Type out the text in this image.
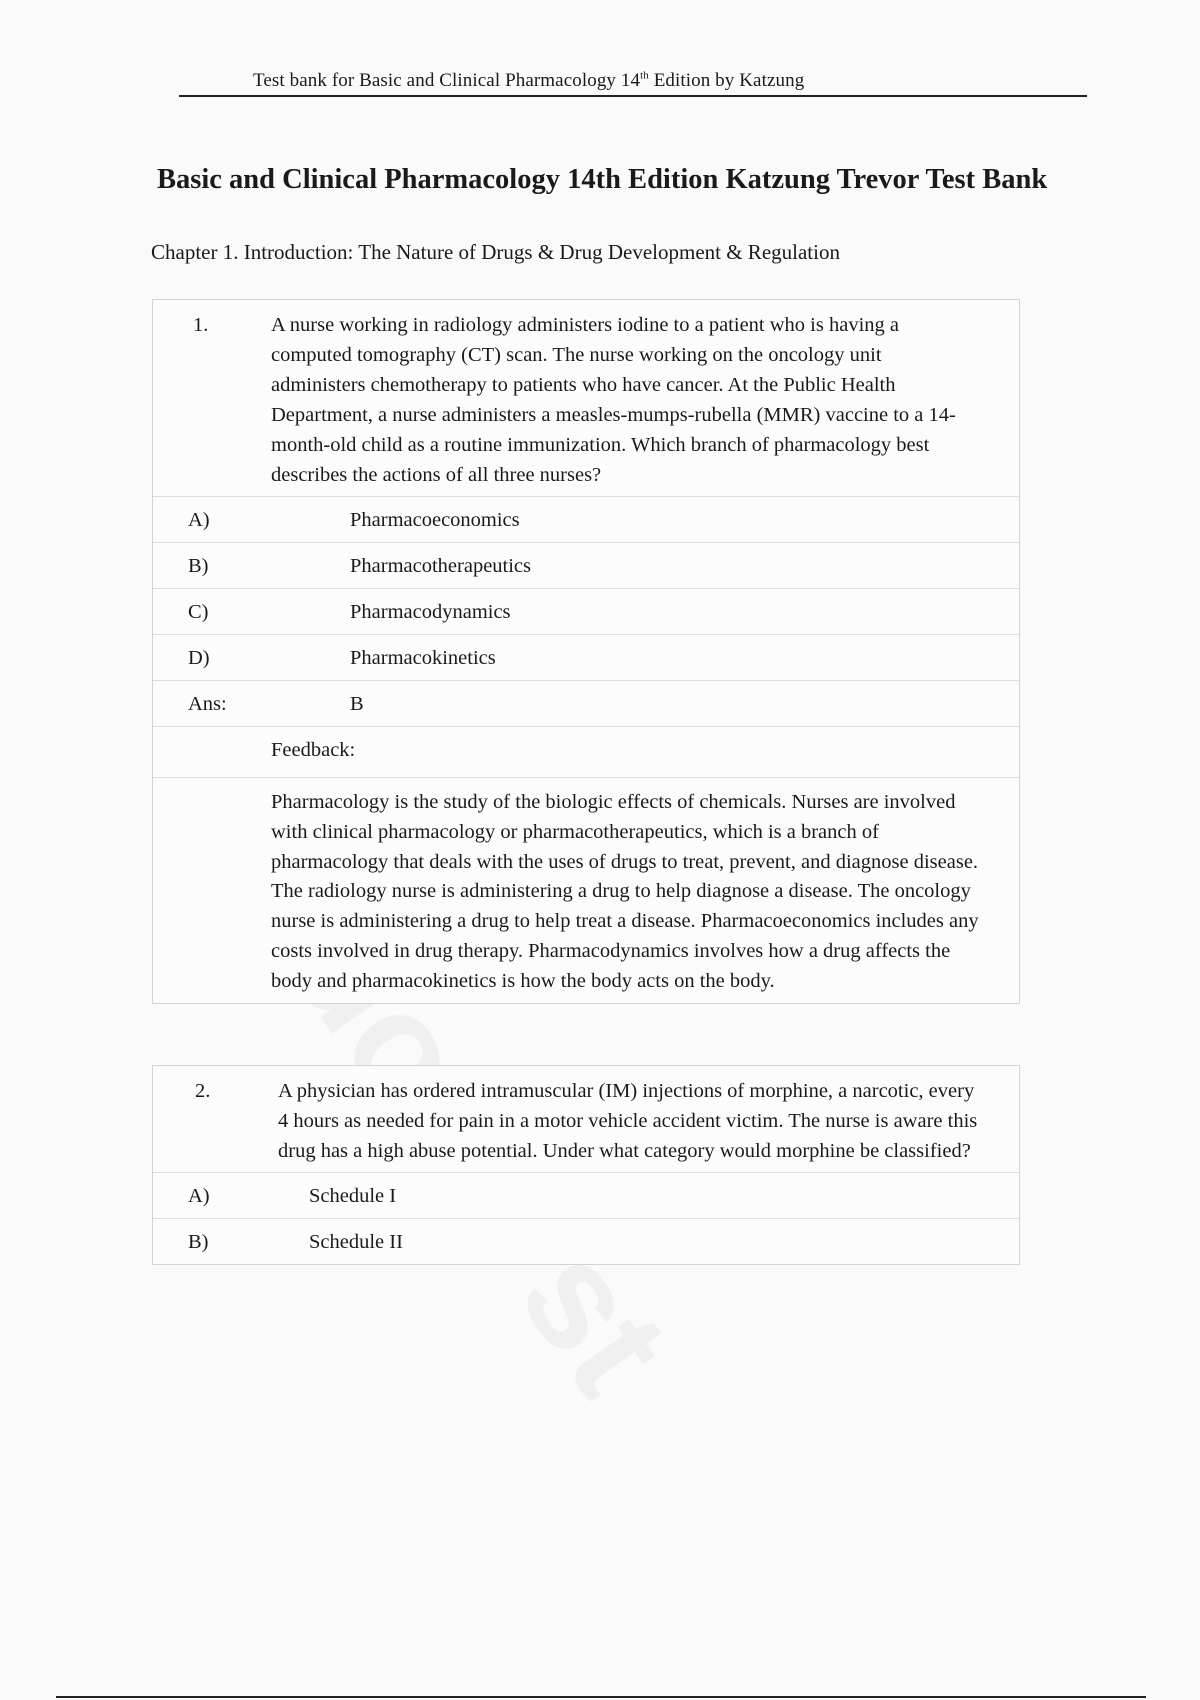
Test bank for Basic and Clinical Pharmacology 14th Edition by Katzung
Basic and Clinical Pharmacology 14th Edition Katzung Trevor Test Bank
Chapter 1. Introduction: The Nature of Drugs & Drug Development & Regulation
1.	A nurse working in radiology administers iodine to a patient who is having a computed tomography (CT) scan. The nurse working on the oncology unit administers chemotherapy to patients who have cancer. At the Public Health Department, a nurse administers a measles-mumps-rubella (MMR) vaccine to a 14-month-old child as a routine immunization. Which branch of pharmacology best describes the actions of all three nurses?
A)	Pharmacoeconomics
B)	Pharmacotherapeutics
C)	Pharmacodynamics
D)	Pharmacokinetics
Ans:	B
Feedback:
Pharmacology is the study of the biologic effects of chemicals. Nurses are involved with clinical pharmacology or pharmacotherapeutics, which is a branch of pharmacology that deals with the uses of drugs to treat, prevent, and diagnose disease. The radiology nurse is administering a drug to help diagnose a disease. The oncology nurse is administering a drug to help treat a disease. Pharmacoeconomics includes any costs involved in drug therapy. Pharmacodynamics involves how a drug affects the body and pharmacokinetics is how the body acts on the body.
2.	A physician has ordered intramuscular (IM) injections of morphine, a narcotic, every 4 hours as needed for pain in a motor vehicle accident victim. The nurse is aware this drug has a high abuse potential. Under what category would morphine be classified?
A)	Schedule I
B)	Schedule II
